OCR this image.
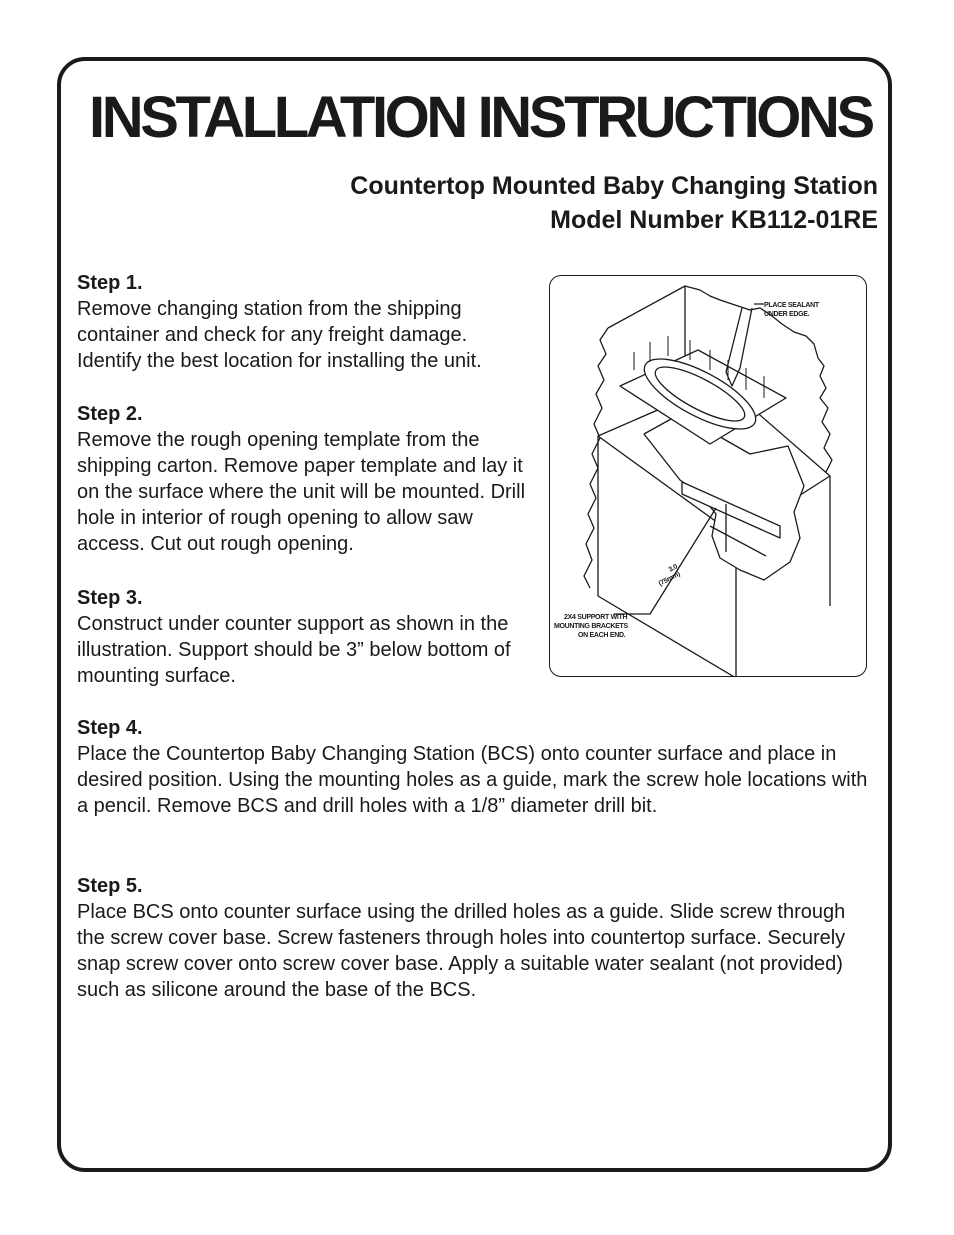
INSTALLATION INSTRUCTIONS
Countertop Mounted Baby Changing Station
Model Number KB112-01RE
Step 1.
Remove changing station from the shipping container and check for any freight damage. Identify the best location for installing the unit.
Step 2.
Remove the rough opening template from the shipping carton. Remove paper template and lay it on the surface where the unit will be mounted. Drill hole in interior of rough opening to allow saw access. Cut out rough opening.
Step 3.
Construct under counter support as shown in the illustration. Support should be 3” below bottom of mounting surface.
Step 4.
Place the Countertop Baby Changing Station (BCS) onto counter surface and place in desired position. Using the mounting holes as a guide, mark the screw hole locations with a pencil. Remove BCS and drill holes with a 1/8” diameter drill bit.
Step 5.
Place BCS onto counter surface using the drilled holes as a guide. Slide screw through the screw cover base. Screw fasteners through holes into countertop surface. Securely snap screw cover onto screw cover base. Apply a suitable water sealant (not provided) such as silicone around the base of the BCS.
PLACE SEALANT
UNDER EDGE.
3.0
(75mm)
2X4 SUPPORT WITH
MOUNTING BRACKETS
ON EACH END.
